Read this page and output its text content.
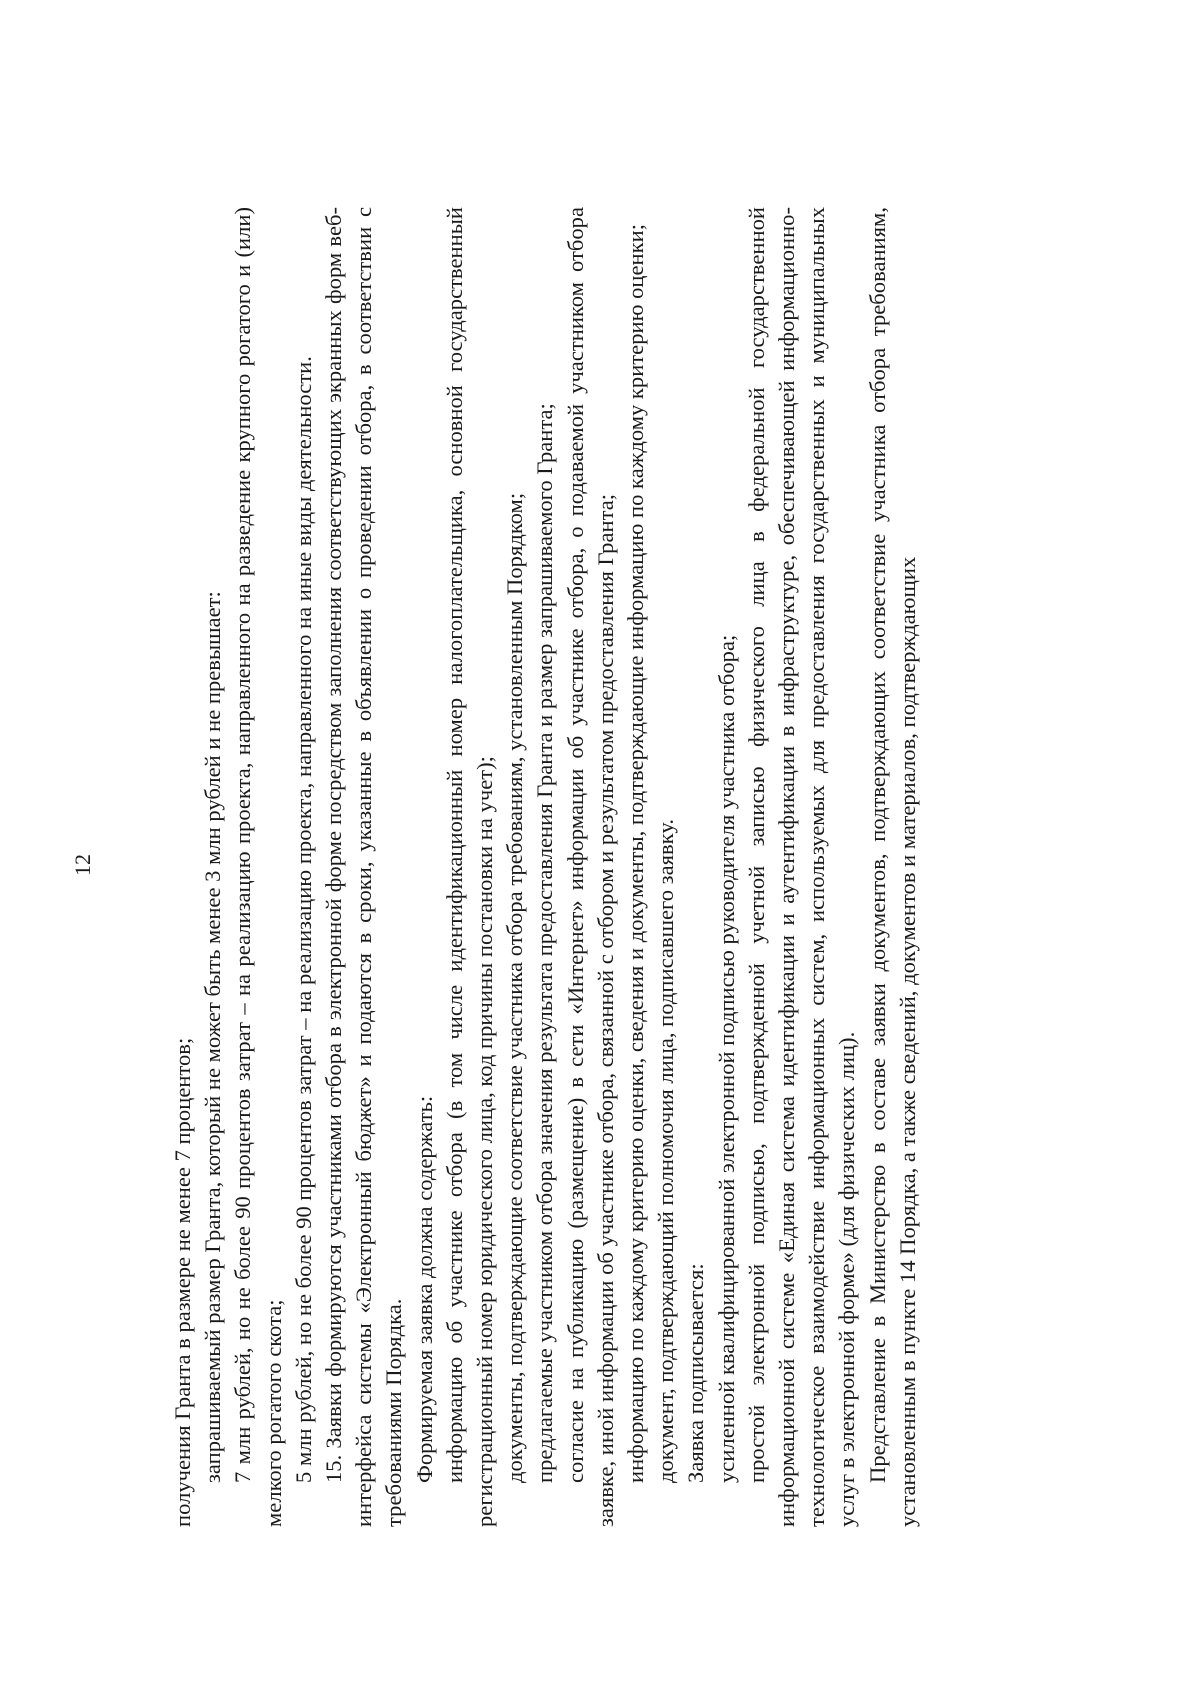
12

получения Гранта в размере не менее 7 процентов; запрашиваемый размер Гранта, который не может быть менее 3 млн рублей и не превышает: 7 млн рублей, но не более 90 процентов затрат – на реализацию проекта, направленного на разведение крупного рогатого и (или) мелкого рогатого скота; 5 млн рублей, но не более 90 процентов затрат – на реализацию проекта, направленного на иные виды деятельности. 15. Заявки формируются участниками отбора в электронной форме посредством заполнения соответствующих экранных форм веб-интерфейса системы «Электронный бюджет» и подаются в сроки, указанные в объявлении о проведении отбора, в соответствии с требованиями Порядка. Формируемая заявка должна содержать: информацию об участнике отбора (в том числе идентификационный номер налогоплательщика, основной государственный регистрационный номер юридического лица, код причины постановки на учет); документы, подтверждающие соответствие участника отбора требованиям, установленным Порядком; предлагаемые участником отбора значения результата предоставления Гранта и размер запрашиваемого Гранта; согласие на публикацию (размещение) в сети «Интернет» информации об участнике отбора, о подаваемой участником отбора заявке, иной информации об участнике отбора, связанной с отбором и результатом предоставления Гранта; информацию по каждому критерию оценки, сведения и документы, подтверждающие информацию по каждому критерию оценки; документ, подтверждающий полномочия лица, подписавшего заявку. Заявка подписывается: усиленной квалифицированной электронной подписью руководителя участника отбора; простой электронной подписью, подтвержденной учетной записью физического лица в федеральной государственной информационной системе «Единая система идентификации и аутентификации в инфраструктуре, обеспечивающей информационно-технологическое взаимодействие информационных систем, используемых для предоставления государственных и муниципальных услуг в электронной форме» (для физических лиц). Представление в Министерство в составе заявки документов, подтверждающих соответствие участника отбора требованиям, установленным в пункте 14 Порядка, а также сведений, документов и материалов, подтверждающих
